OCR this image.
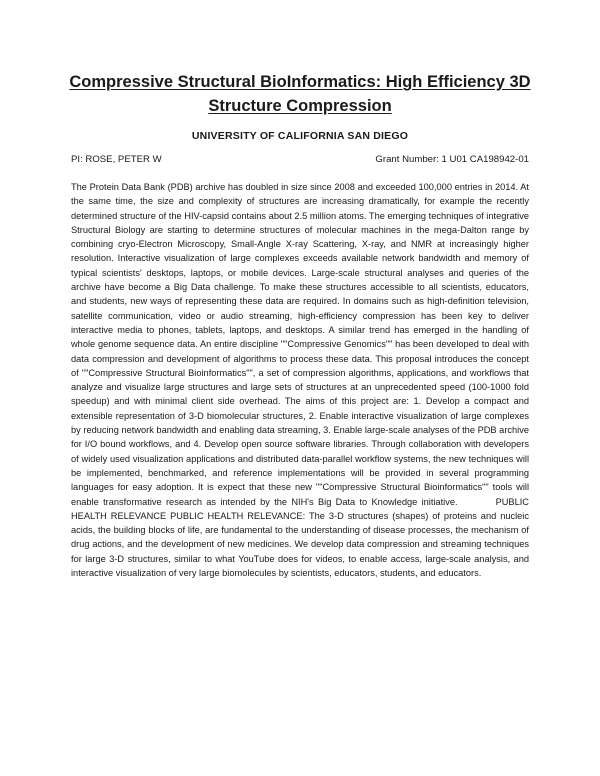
Compressive Structural BioInformatics: High Efficiency 3D Structure Compression
UNIVERSITY OF CALIFORNIA SAN DIEGO
PI: ROSE, PETER W	Grant Number: 1 U01 CA198942-01

The Protein Data Bank (PDB) archive has doubled in size since 2008 and exceeded 100,000 entries in 2014. At the same time, the size and complexity of structures are increasing dramatically, for example the recently determined structure of the HIV-capsid contains about 2.5 million atoms. The emerging techniques of integrative Structural Biology are starting to determine structures of molecular machines in the mega-Dalton range by combining cryo-Electron Microscopy, Small-Angle X-ray Scattering, X-ray, and NMR at increasingly higher resolution. Interactive visualization of large complexes exceeds available network bandwidth and memory of typical scientists' desktops, laptops, or mobile devices. Large-scale structural analyses and queries of the archive have become a Big Data challenge. To make these structures accessible to all scientists, educators, and students, new ways of representing these data are required. In domains such as high-definition television, satellite communication, video or audio streaming, high-efficiency compression has been key to deliver interactive media to phones, tablets, laptops, and desktops. A similar trend has emerged in the handling of whole genome sequence data. An entire discipline ""Compressive Genomics"" has been developed to deal with data compression and development of algorithms to process these data. This proposal introduces the concept of ""Compressive Structural Bioinformatics"", a set of compression algorithms, applications, and workflows that analyze and visualize large structures and large sets of structures at an unprecedented speed (100-1000 fold speedup) and with minimal client side overhead. The aims of this project are: 1. Develop a compact and extensible representation of 3-D biomolecular structures, 2. Enable interactive visualization of large complexes by reducing network bandwidth and enabling data streaming, 3. Enable large-scale analyses of the PDB archive for I/O bound workflows, and 4. Develop open source software libraries. Through collaboration with developers of widely used visualization applications and distributed data-parallel workflow systems, the new techniques will be implemented, benchmarked, and reference implementations will be provided in several programming languages for easy adoption. It is expect that these new ""Compressive Structural Bioinformatics"" tools will enable transformative research as intended by the NIH's Big Data to Knowledge initiative.	PUBLIC HEALTH RELEVANCE PUBLIC HEALTH RELEVANCE: The 3-D structures (shapes) of proteins and nucleic acids, the building blocks of life, are fundamental to the understanding of disease processes, the mechanism of drug actions, and the development of new medicines. We develop data compression and streaming techniques for large 3-D structures, similar to what YouTube does for videos, to enable access, large-scale analysis, and interactive visualization of very large biomolecules by scientists, educators, students, and educators.
